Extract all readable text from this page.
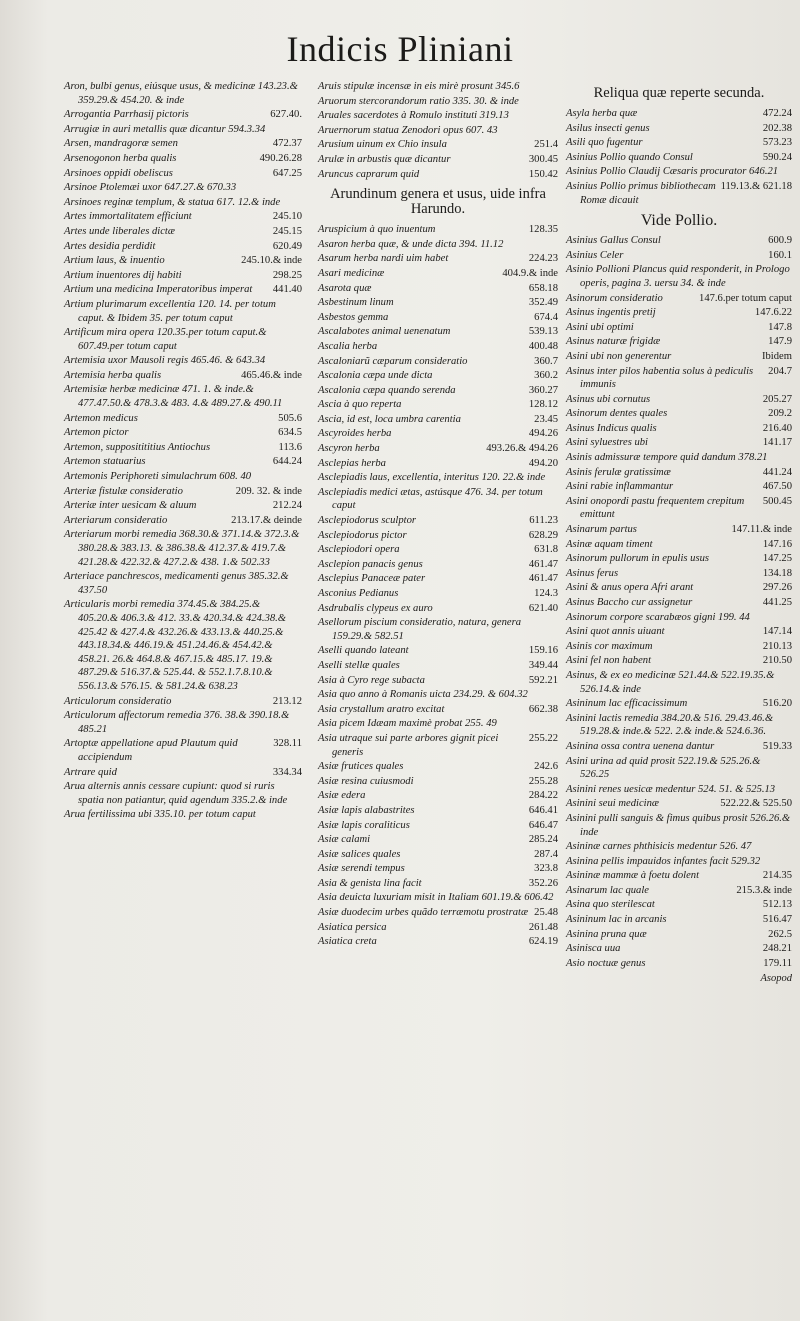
Indicis Pliniani
Aron, bulbi genus, eiúsque usus, & medicinæ 143.23.& 359.29.& 454.20. & inde
627.40.
Arrogantia Parrhasij pictoris
Arrugiæ in auri metallis quæ dicantur 594.3.34
472.37
Arsen, mandragoræ semen
490.26.28
Arsenogonon herba qualis
647.25
Arsinoes oppidi obeliscus
Arsinoe Ptolemæi uxor 647.27.& 670.33
Arsinoes reginæ templum, & statua 617. 12.& inde
245.10
Artes immortalitatem efficiunt
245.15
Artes unde liberales dictæ
620.49
Artes desidia perdidit
245.10.& inde
Artium laus, & inuentio
298.25
Artium inuentores dij habiti
441.40
Artium una medicina Imperatoribus imperat
Artium plurimarum excellentia 120. 14. per totum caput. & Ibidem 35. per totum caput
Artificum mira opera 120.35.per totum caput.& 607.49.per totum caput
Artemisia uxor Mausoli regis 465.46. & 643.34
465.46.& inde
Artemisia herba qualis
Artemisiæ herbæ medicinæ 471. 1. & inde.& 477.47.50.& 478.3.& 483. 4.& 489.27.& 490.11
505.6
Artemon medicus
634.5
Artemon pictor
113.6
Artemon, suppositititius Antiochus
644.24
Artemon statuarius
Artemonis Periphoreti simulachrum 608. 40
209. 32. & inde
Arteriæ fistulæ consideratio
212.24
Arteriæ inter uesicam & aluum
213.17.& deinde
Arteriarum consideratio
Arteriarum morbi remedia 368.30.& 371.14.& 372.3.& 380.28.& 383.13. & 386.38.& 412.37.& 419.7.& 421.28.& 422.32.& 427.2.& 438. 1.& 502.33
Arteriace panchrescos, medicamenti genus 385.32.& 437.50
Articularis morbi remedia 374.45.& 384.25.& 405.20.& 406.3.& 412. 33.& 420.34.& 424.38.& 425.42 & 427.4.& 432.26.& 433.13.& 440.25.& 443.18.34.& 446.19.& 451.24.46.& 454.42.& 458.21. 26.& 464.8.& 467.15.& 485.17. 19.& 487.29.& 516.37.& 525.44. & 552.1.7.8.10.& 556.13.& 576.15. & 581.24.& 638.23
213.12
Articulorum consideratio
Articulorum affectorum remedia 376. 38.& 390.18.& 485.21
328.11
Artoptæ appellatione apud Plautum quid accipiendum
334.34
Artrare quid
Arua alternis annis cessare cupiunt: quod si ruris spatia non patiantur, quid agendum 335.2.& inde
Arua fertilissima ubi 335.10. per totum caput
Aruis stipulæ incensæ in eis mirè prosunt 345.6
Aruorum stercorandorum ratio 335. 30. & inde
Aruales sacerdotes à Romulo instituti 319.13
Aruernorum statua Zenodori opus 607. 43
251.4
Arusium uinum ex Chio insula
300.45
Arulæ in arbustis quæ dicantur
150.42
Aruncus caprarum quid
Arundinum genera et usus, uide infra Harundo.
128.35
Aruspicium à quo inuentum
Asaron herba quæ, & unde dicta 394. 11.12
224.23
Asarum herba nardi uim habet
404.9.& inde
Asari medicinæ
658.18
Asarota quæ
352.49
Asbestinum linum
674.4
Asbestos gemma
539.13
Ascalabotes animal uenenatum
400.48
Ascalia herba
360.7
Ascaloniarũ cæparum consideratio
360.2
Ascalonia cæpa unde dicta
360.27
Ascalonia cæpa quando serenda
128.12
Ascia à quo reperta
23.45
Ascia, id est, loca umbra carentia
494.26
Ascyroides herba
493.26.& 494.26
Ascyron herba
494.20
Asclepias herba
Asclepiadis laus, excellentia, interitus 120. 22.& inde
Asclepiadis medici ætas, astúsque 476. 34. per totum caput
611.23
Asclepiodorus sculptor
628.29
Asclepiodorus pictor
631.8
Asclepiodori opera
461.47
Asclepion panacis genus
461.47
Asclepius Panaceæ pater
124.3
Asconius Pedianus
621.40
Asdrubalis clypeus ex auro
Asellorum piscium consideratio, natura, genera 159.29.& 582.51
159.16
Aselli quando lateant
349.44
Aselli stellæ quales
592.21
Asia à Cyro rege subacta
Asia quo anno à Romanis uicta 234.29. & 604.32
662.38
Asia crystallum aratro excitat
Asia picem Idæam maximè probat 255. 49
255.22
Asia utraque sui parte arbores gignit picei generis
242.6
Asiæ frutices quales
255.28
Asiæ resina cuiusmodi
284.22
Asiæ edera
646.41
Asiæ lapis alabastrites
646.47
Asiæ lapis coraliticus
285.24
Asiæ calami
287.4
Asiæ salices quales
323.8
Asiæ serendi tempus
352.26
Asia & genista lina facit
Asia deuicta luxuriam misit in Italiam 601.19.& 606.42
25.48
Asiæ duodecim urbes quãdo terræmotu prostratæ
261.48
Asiatica persica
624.19
Asiatica creta
Reliqua quæ reperte secunda.
472.24
Asyla herba quæ
202.38
Asilus insecti genus
573.23
Asili quo fugentur
590.24
Asinius Pollio quando Consul
Asinius Pollio Claudij Cæsaris procurator 646.21
119.13.& 621.18
Asinius Pollio primus bibliothecam Romæ dicauit
Vide Pollio.
600.9
Asinius Gallus Consul
160.1
Asinius Celer
Asinio Pollioni Plancus quid responderit, in Prologo operis, pagina 3. uersu 34. & inde
147.6.per totum caput
Asinorum consideratio
147.6.22
Asinus ingentis pretij
147.8
Asini ubi optimi
147.9
Asinus naturæ frigidæ
Ibidem
Asini ubi non generentur
204.7
Asinus inter pilos habentia solus à pediculis immunis
205.27
Asinus ubi cornutus
209.2
Asinorum dentes quales
216.40
Asinus Indicus qualis
141.17
Asini syluestres ubi
Asinis admissuræ tempore quid dandum 378.21
441.24
Asinis ferulæ gratissimæ
467.50
Asini rabie inflammantur
500.45
Asini onopordi pastu frequentem crepitum emittunt
147.11.& inde
Asinarum partus
147.16
Asinæ aquam timent
147.25
Asinorum pullorum in epulis usus
134.18
Asinus ferus
297.26
Asini & anus opera Afri arant
441.25
Asinus Baccho cur assignetur
Asinorum corpore scarabæos gigni 199. 44
147.14
Asini quot annis uiuant
210.13
Asinis cor maximum
210.50
Asini fel non habent
Asinus, & ex eo medicinæ 521.44.& 522.19.35.& 526.14.& inde
516.20
Asininum lac efficacissimum
Asinini lactis remedia 384.20.& 516. 29.43.46.& 519.28.& inde.& 522. 2.& inde.& 524.6.36.
519.33
Asinina ossa contra uenena dantur
Asini urina ad quid prosit 522.19.& 525.26.& 526.25
Asinini renes uesicæ medentur 524. 51. & 525.13
522.22.& 525.50
Asinini seui medicinæ
Asinini pulli sanguis & fimus quibus prosit 526.26.& inde
Asininæ carnes phthisicis medentur 526. 47
Asinina pellis impauidos infantes facit 529.32
214.35
Asininæ mammæ à foetu dolent
215.3.& inde
Asinarum lac quale
512.13
Asina quo sterilescat
516.47
Asininum lac in arcanis
262.5
Asinina pruna quæ
248.21
Asinisca uua
179.11
Asio noctuæ genus
Asopod
